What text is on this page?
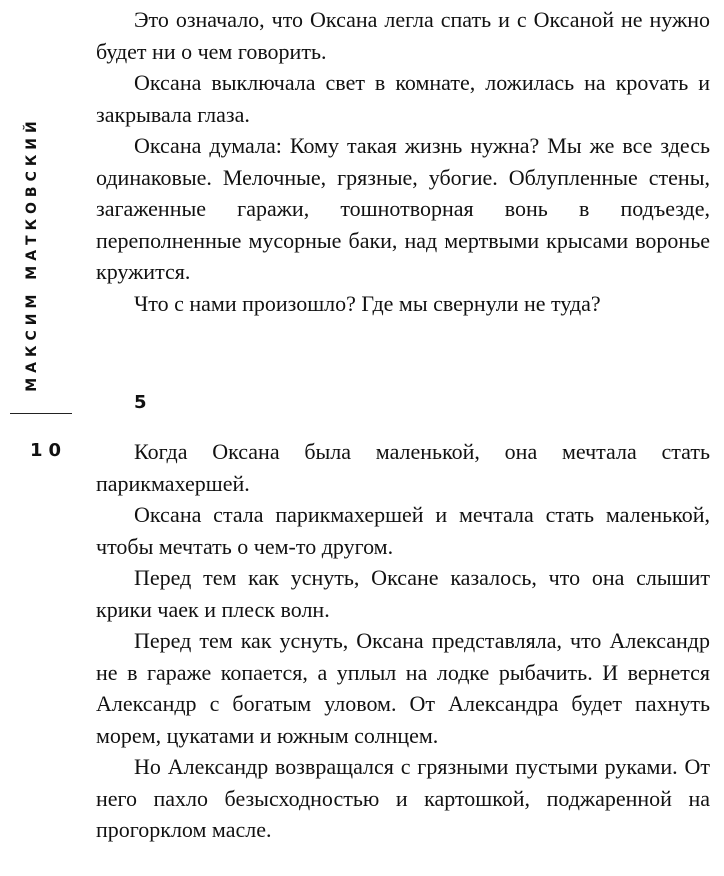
МАКСИМ МАТКОВСКИЙ
10

Это означало, что Оксана легла спать и с Оксаной не нужно будет ни о чем говорить.

Оксана выключала свет в комнате, ложилась на кроvать и закрывала глаза.

Оксана думала: Кому такая жизнь нужна? Мы же все здесь одинаковые. Мелочные, грязные, убогие. Облупленные стены, загаженные гаражи, тошнотворная вонь в подъезде, переполненные мусорные баки, над мертвыми крысами воронье кружится.

Что с нами произошло? Где мы свернули не туда?

5

Когда Оксана была маленькой, она мечтала стать парикмахершей.

Оксана стала парикмахершей и мечтала стать маленькой, чтобы мечтать о чем-то другом.

Перед тем как уснуть, Оксане казалось, что она слышит крики чаек и плеск волн.

Перед тем как уснуть, Оксана представляла, что Александр не в гараже копается, а уплыл на лодке рыбачить. И вернется Александр с богатым уловом. От Александра будет пахнуть морем, цукатами и южным солнцем.

Но Александр возвращался с грязными пустыми руками. От него пахло безысходностью и картошкой, поджаренной на прогорклом масле.
